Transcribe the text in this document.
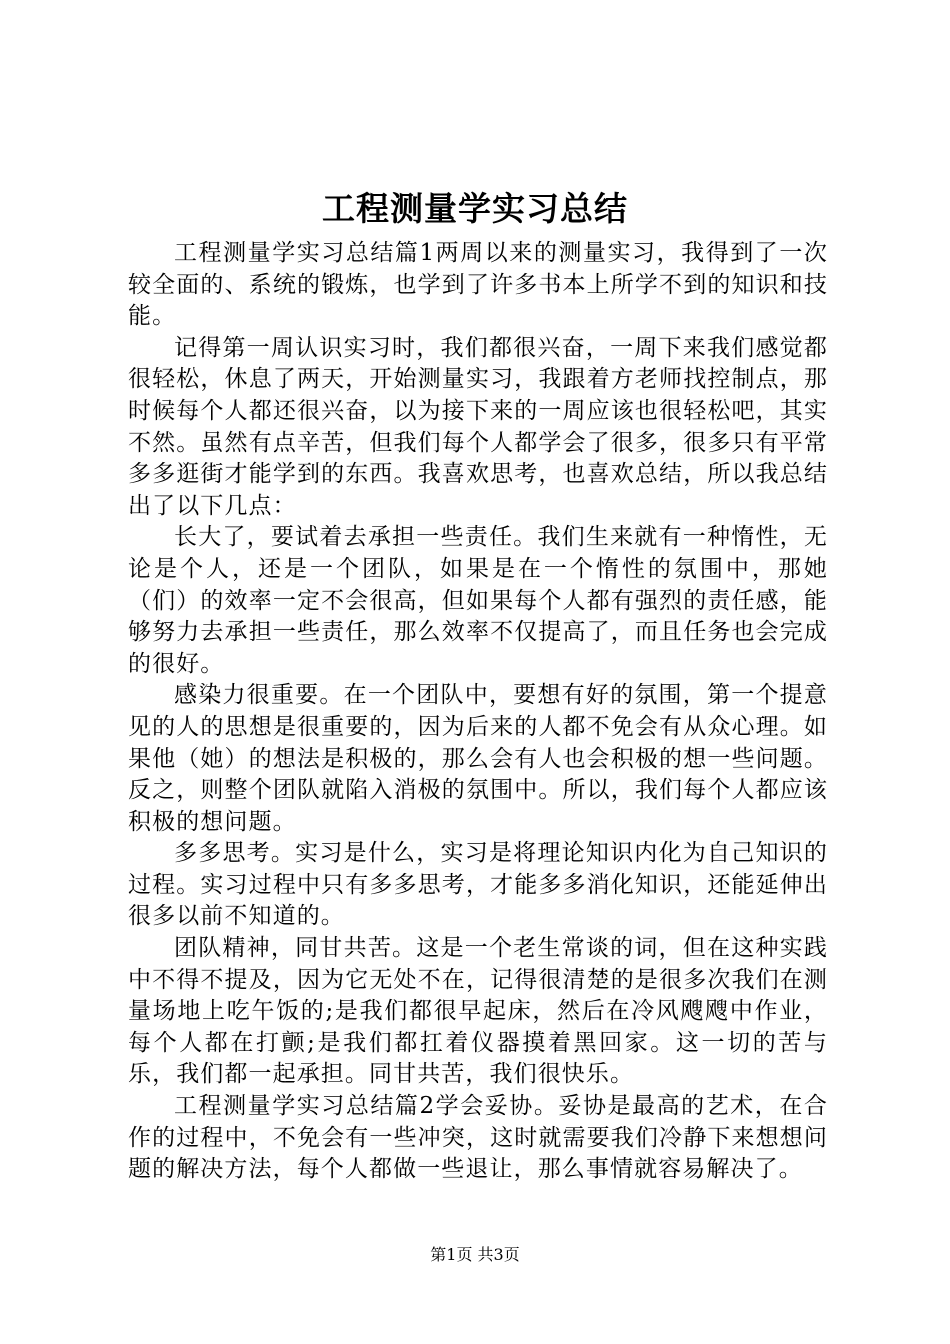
工程测量学实习总结

工程测量学实习总结篇1两周以来的测量实习，我得到了一次较全面的、系统的锻炼，也学到了许多书本上所学不到的知识和技能。

记得第一周认识实习时，我们都很兴奋，一周下来我们感觉都很轻松，休息了两天，开始测量实习，我跟着方老师找控制点，那时候每个人都还很兴奋，以为接下来的一周应该也很轻松吧，其实不然。虽然有点辛苦，但我们每个人都学会了很多，很多只有平常多多逛街才能学到的东西。我喜欢思考，也喜欢总结，所以我总结出了以下几点：

长大了，要试着去承担一些责任。我们生来就有一种惰性，无论是个人，还是一个团队，如果是在一个惰性的氛围中，那她（们）的效率一定不会很高，但如果每个人都有强烈的责任感，能够努力去承担一些责任，那么效率不仅提高了，而且任务也会完成的很好。

感染力很重要。在一个团队中，要想有好的氛围，第一个提意见的人的思想是很重要的，因为后来的人都不免会有从众心理。如果他（她）的想法是积极的，那么会有人也会积极的想一些问题。反之，则整个团队就陷入消极的氛围中。所以，我们每个人都应该积极的想问题。

多多思考。实习是什么，实习是将理论知识内化为自己知识的过程。实习过程中只有多多思考，才能多多消化知识，还能延伸出很多以前不知道的。

团队精神，同甘共苦。这是一个老生常谈的词，但在这种实践中不得不提及，因为它无处不在，记得很清楚的是很多次我们在测量场地上吃午饭的;是我们都很早起床，然后在冷风飕飕中作业，每个人都在打颤;是我们都扛着仪器摸着黑回家。这一切的苦与乐，我们都一起承担。同甘共苦，我们很快乐。

工程测量学实习总结篇2学会妥协。妥协是最高的艺术，在合作的过程中，不免会有一些冲突，这时就需要我们冷静下来想想问题的解决方法，每个人都做一些退让，那么事情就容易解决了。

第1页 共3页
